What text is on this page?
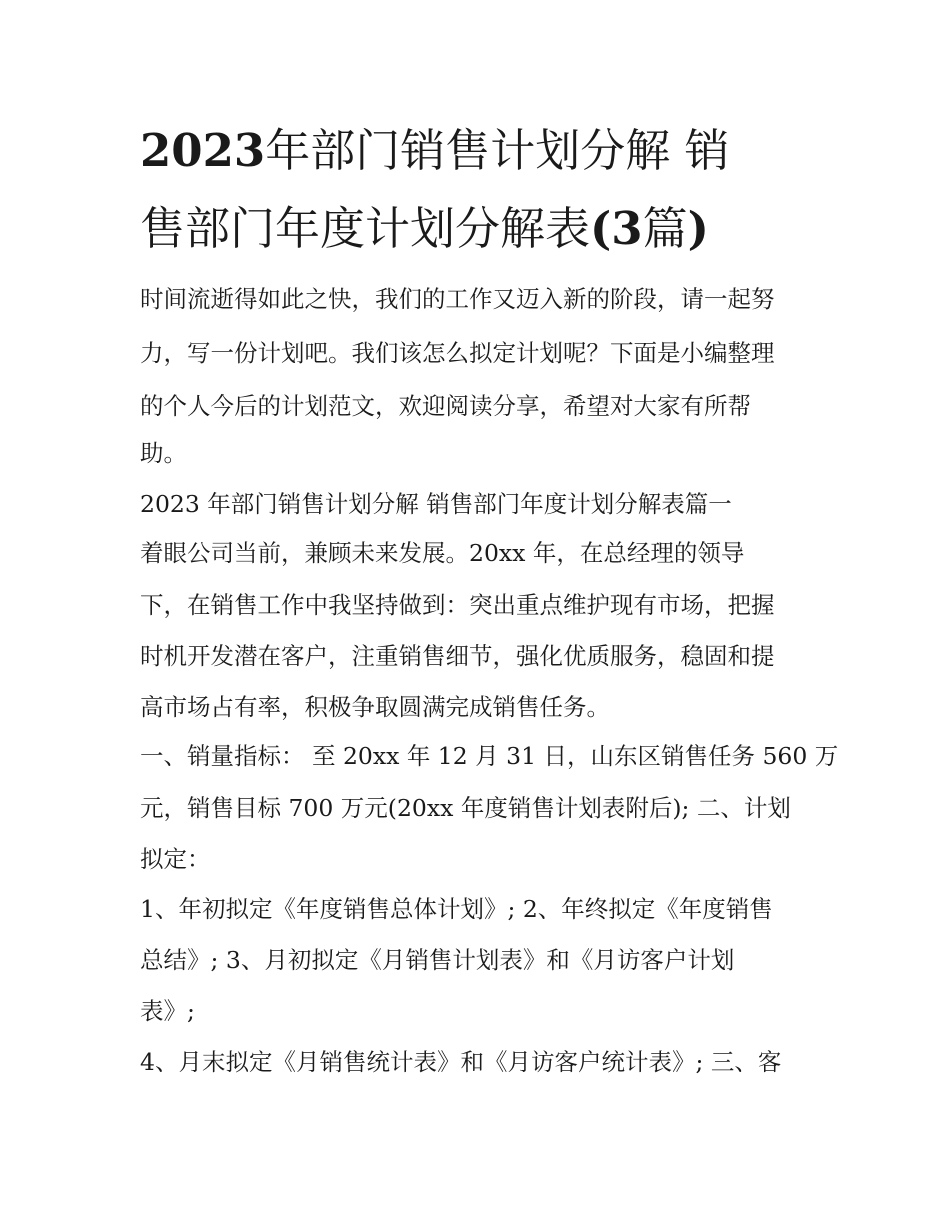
2023年部门销售计划分解 销
售部门年度计划分解表(3篇)

时间流逝得如此之快，我们的工作又迈入新的阶段，请一起努

力，写一份计划吧。我们该怎么拟定计划呢？下面是小编整理

的个人今后的计划范文，欢迎阅读分享，希望对大家有所帮

助。

2023 年部门销售计划分解 销售部门年度计划分解表篇一

着眼公司当前，兼顾未来发展。20xx 年，在总经理的领导

下，在销售工作中我坚持做到：突出重点维护现有市场，把握

时机开发潜在客户，注重销售细节，强化优质服务，稳固和提

高市场占有率，积极争取圆满完成销售任务。

一、销量指标： 至 20xx 年 12 月 31 日，山东区销售任务 560 万

元，销售目标 700 万元(20xx 年度销售计划表附后); 二、计划

拟定：

1、年初拟定《年度销售总体计划》; 2、年终拟定《年度销售

总结》; 3、月初拟定《月销售计划表》和《月访客户计划

表》;

4、月末拟定《月销售统计表》和《月访客户统计表》; 三、客
